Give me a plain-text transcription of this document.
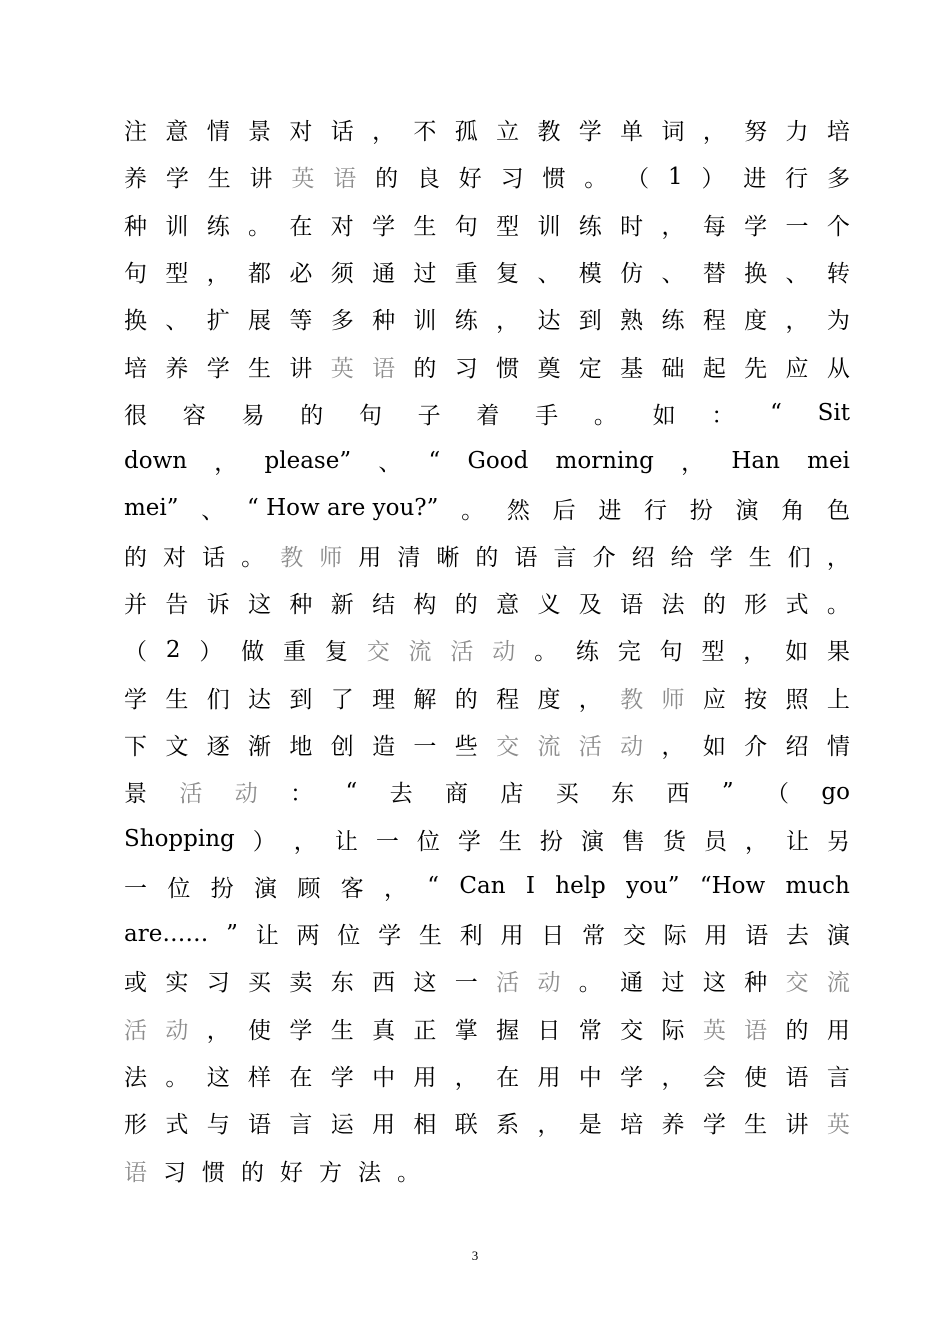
注 意 情 景 对 话 ， 不 孤 立 教 学 单 词 ， 努 力 培
养 学 生 讲 英 语 的 良 好 习 惯 。 （ 1 ） 进 行 多
种 训 练 。 在 对 学 生 句 型 训 练 时 ， 每 学 一 个
句 型 ， 都 必 须 通 过 重 复 、 模 仿 、 替 换 、 转
换 、 扩 展 等 多 种 训 练 ， 达 到 熟 练 程 度 ， 为
培 养 学 生 讲 英 语 的 习 惯 奠 定 基 础 起 先 应 从
很 容 易 的 句 子 着 手 。 如 ： “ Sit
down ， please” 、 “ Good morning ， Han mei
mei” 、 “ How are you?” 。 然 后 进 行 扮 演 角 色
的 对 话 。 教 师 用 清 晰 的 语 言 介 绍 给 学 生 们 ，
并 告 诉 这 种 新 结 构 的 意 义 及 语 法 的 形 式 。
（ 2 ） 做 重 复 交 流 活 动 。 练 完 句 型 ， 如 果
学 生 们 达 到 了 理 解 的 程 度 ， 教 师 应 按 照 上
下 文 逐 渐 地 创 造 一 些 交 流 活 动 ， 如 介 绍 情
景 活 动 ： “ 去 商 店 买 东 西 ” （ go
Shopping ） ， 让 一 位 学 生 扮 演 售 货 员 ， 让 另
一 位 扮 演 顾 客 ， “ Can I help you” “How much
are…… ” 让 两 位 学 生 利 用 日 常 交 际 用 语 去 演
或 实 习 买 卖 东 西 这 一 活 动 。 通 过 这 种 交 流
活 动 ， 使 学 生 真 正 掌 握 日 常 交 际 英 语 的 用
法 。 这 样 在 学 中 用 ， 在 用 中 学 ， 会 使 语 言
形 式 与 语 言 运 用 相 联 系 ， 是 培 养 学 生 讲 英
语 习 惯 的 好 方 法 。
3
